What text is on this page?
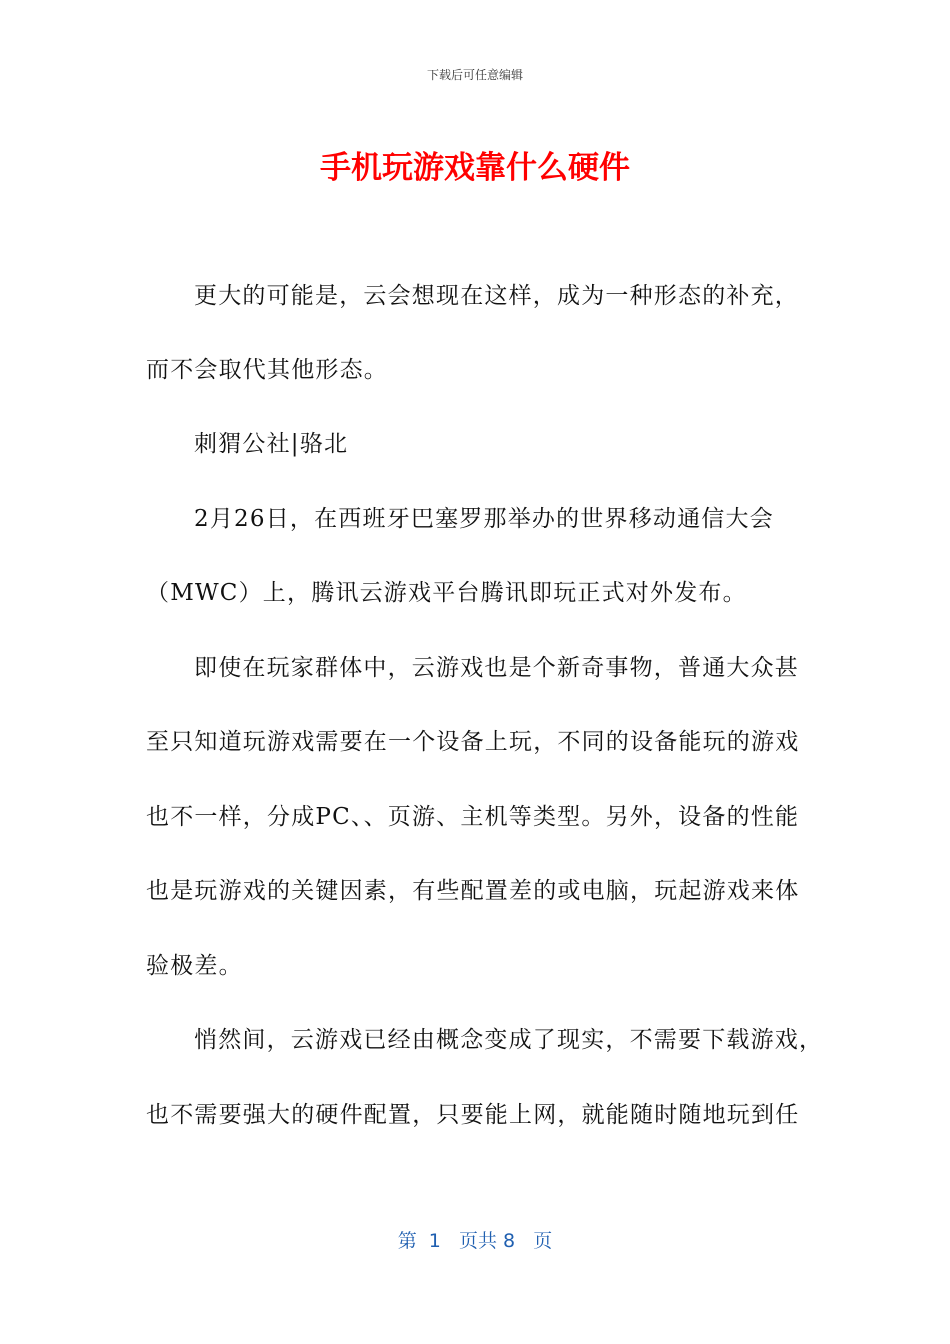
下载后可任意编辑
手机玩游戏靠什么硬件
更大的可能是，云会想现在这样，成为一种形态的补充，
而不会取代其他形态。
刺猬公社|骆北
2月26日，在西班牙巴塞罗那举办的世界移动通信大会
（MWC）上，腾讯云游戏平台腾讯即玩正式对外发布。
即使在玩家群体中，云游戏也是个新奇事物，普通大众甚
至只知道玩游戏需要在一个设备上玩，不同的设备能玩的游戏
也不一样，分成PC、、页游、主机等类型。另外，设备的性能
也是玩游戏的关键因素，有些配置差的或电脑，玩起游戏来体
验极差。
悄然间，云游戏已经由概念变成了现实，不需要下载游戏，
也不需要强大的硬件配置，只要能上网，就能随时随地玩到任
第  1   页共 8   页
